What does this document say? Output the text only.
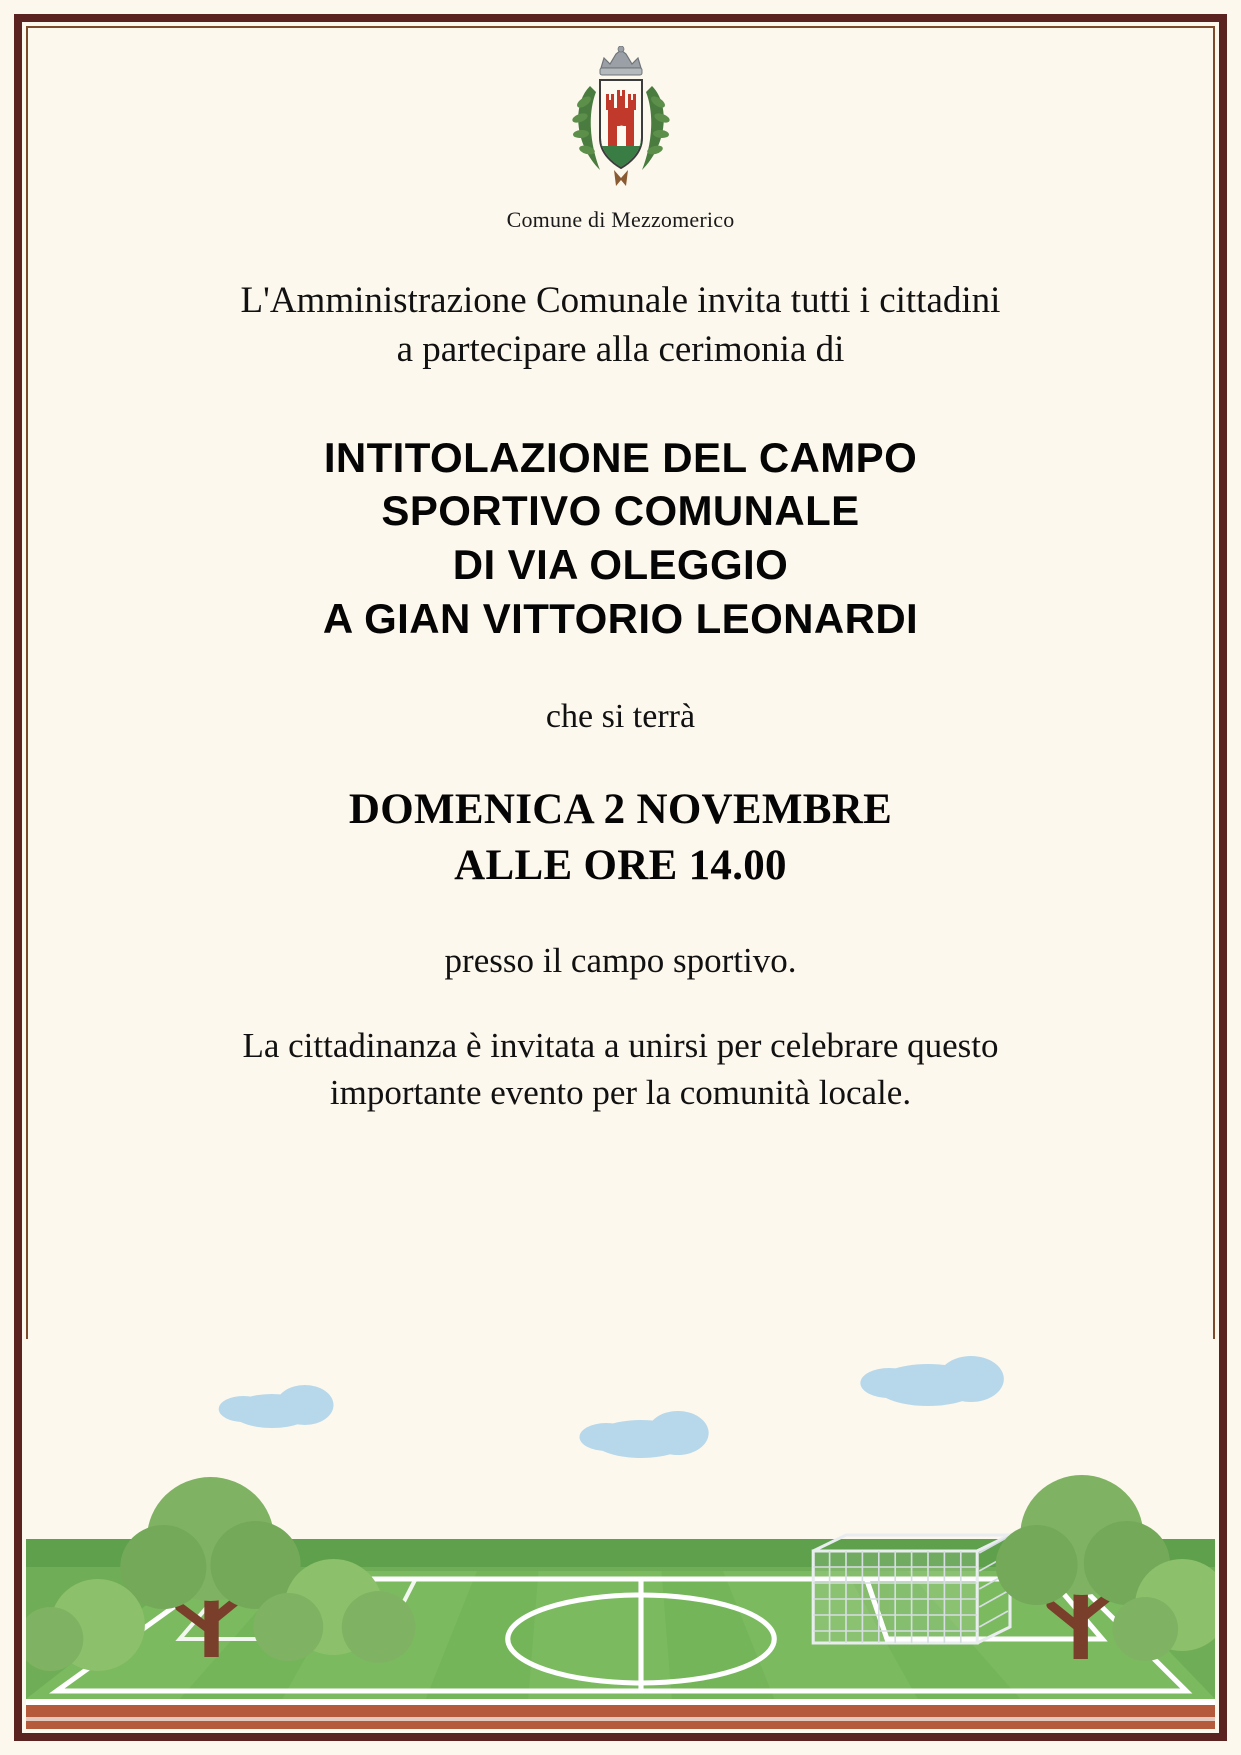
Comune di Mezzomerico
L'Amministrazione Comunale invita tutti i cittadini
a partecipare alla cerimonia di
INTITOLAZIONE DEL CAMPO
SPORTIVO COMUNALE
DI VIA OLEGGIO
A GIAN VITTORIO LEONARDI
che si terrà
DOMENICA 2 NOVEMBRE
ALLE ORE 14.00
presso il campo sportivo.
La cittadinanza è invitata a unirsi per celebrare questo
importante evento per la comunità locale.
